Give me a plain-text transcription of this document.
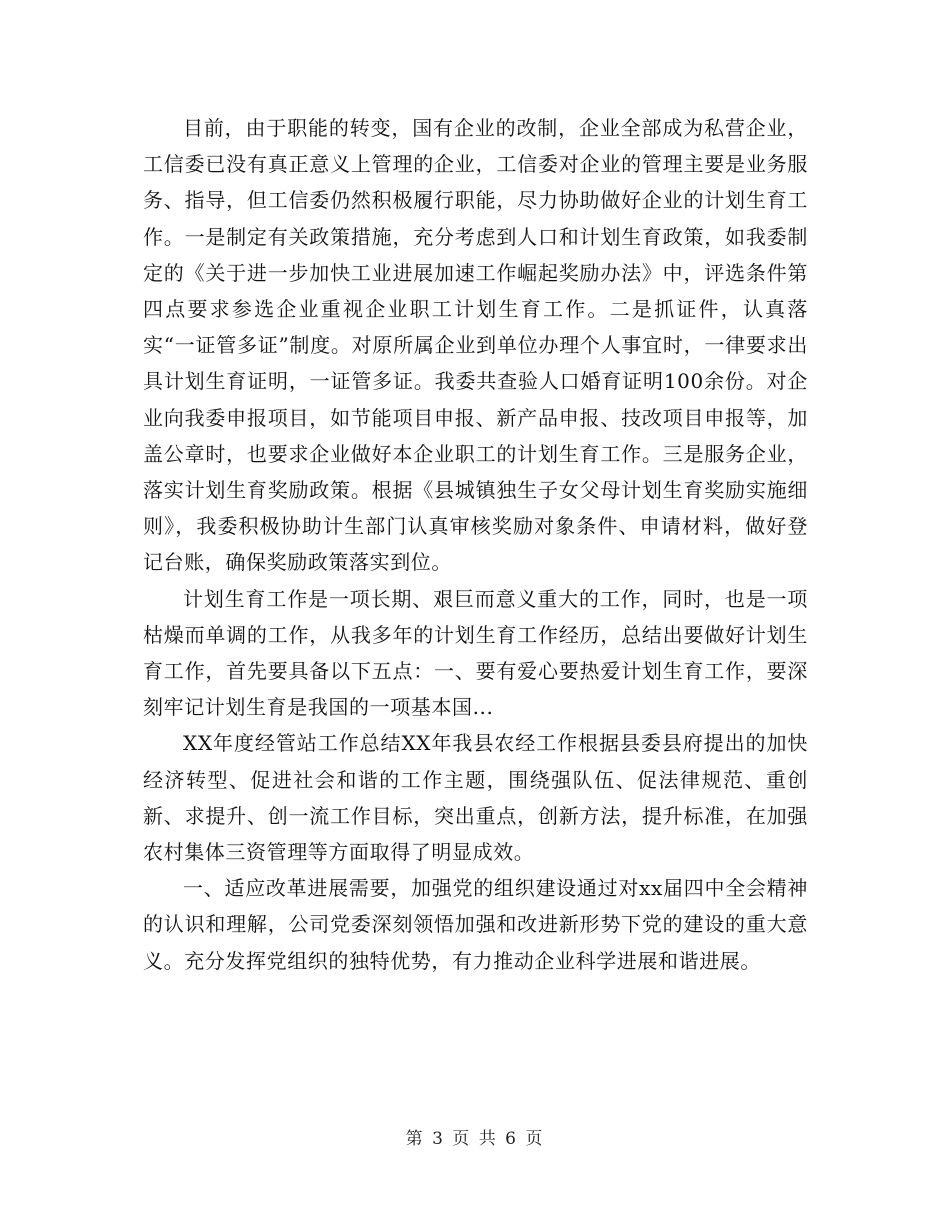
目前，由于职能的转变，国有企业的改制，企业全部成为私营企业，工信委已没有真正意义上管理的企业，工信委对企业的管理主要是业务服务、指导，但工信委仍然积极履行职能，尽力协助做好企业的计划生育工作。一是制定有关政策措施，充分考虑到人口和计划生育政策，如我委制定的《关于进一步加快工业进展加速工作崛起奖励办法》中，评选条件第四点要求参选企业重视企业职工计划生育工作。二是抓证件，认真落实“一证管多证”制度。对原所属企业到单位办理个人事宜时，一律要求出具计划生育证明，一证管多证。我委共查验人口婚育证明100余份。对企业向我委申报项目，如节能项目申报、新产品申报、技改项目申报等，加盖公章时，也要求企业做好本企业职工的计划生育工作。三是服务企业，落实计划生育奖励政策。根据《县城镇独生子女父母计划生育奖励实施细则》，我委积极协助计生部门认真审核奖励对象条件、申请材料，做好登记台账，确保奖励政策落实到位。

计划生育工作是一项长期、艰巨而意义重大的工作，同时，也是一项枯燥而单调的工作，从我多年的计划生育工作经历，总结出要做好计划生育工作，首先要具备以下五点：一、要有爱心要热爱计划生育工作，要深刻牢记计划生育是我国的一项基本国...

XX年度经管站工作总结XX年我县农经工作根据县委县府提出的加快经济转型、促进社会和谐的工作主题，围绕强队伍、促法律规范、重创新、求提升、创一流工作目标，突出重点，创新方法，提升标准，在加强农村集体三资管理等方面取得了明显成效。

一、适应改革进展需要，加强党的组织建设通过对xx届四中全会精神的认识和理解，公司党委深刻领悟加强和改进新形势下党的建设的重大意义。充分发挥党组织的独特优势，有力推动企业科学进展和谐进展。

第 3 页 共 6 页
